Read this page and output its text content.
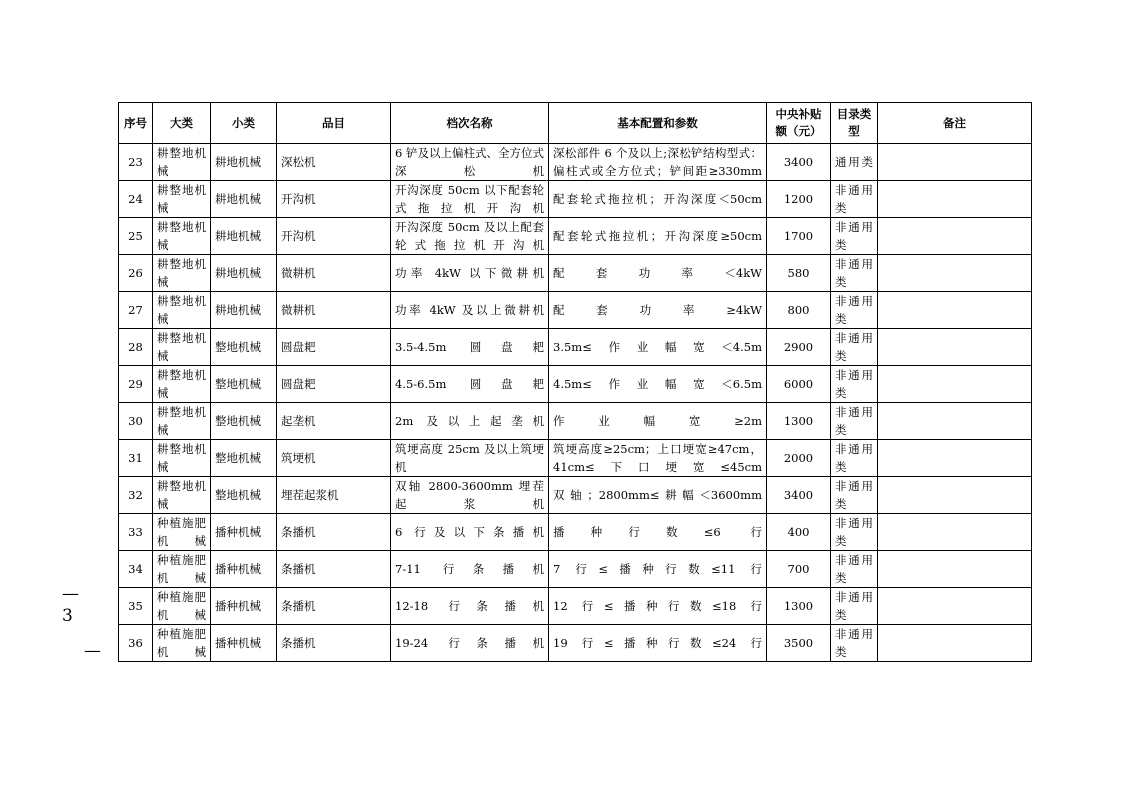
序号	大类	小类	品目	档次名称	基本配置和参数	中央补贴额（元）	目录类型	备注
23	耕整地机械	耕地机械	深松机	6 铲及以上偏柱式、全方位式深松机	深松部件 6 个及以上;深松铲结构型式：偏柱式或全方位式；铲间距≥330mm	3400	通用类	
24	耕整地机械	耕地机械	开沟机	开沟深度 50cm 以下配套轮式拖拉机开沟机	配套轮式拖拉机；开沟深度＜50cm	1200	非通用类	
25	耕整地机械	耕地机械	开沟机	开沟深度 50cm 及以上配套轮式拖拉机开沟机	配套轮式拖拉机；开沟深度≥50cm	1700	非通用类	
26	耕整地机械	耕地机械	微耕机	功率 4kW 以下微耕机	配套功率＜4kW	580	非通用类	
27	耕整地机械	耕地机械	微耕机	功率 4kW 及以上微耕机	配套功率≥4kW	800	非通用类	
28	耕整地机械	整地机械	圆盘耙	3.5-4.5m 圆盘耙	3.5m≤作业幅宽＜4.5m	2900	非通用类	
29	耕整地机械	整地机械	圆盘耙	4.5-6.5m 圆盘耙	4.5m≤作业幅宽＜6.5m	6000	非通用类	
30	耕整地机械	整地机械	起垄机	2m 及以上起垄机	作业幅宽≥2m	1300	非通用类	
31	耕整地机械	整地机械	筑埂机	筑埂高度 25cm 及以上筑埂机	筑埂高度≥25cm；上口埂宽≥47cm，41cm≤下口埂宽≤45cm	2000	非通用类	
32	耕整地机械	整地机械	埋茬起浆机	双轴 2800-3600mm 埋茬起浆机	双轴；2800mm≤耕幅＜3600mm	3400	非通用类	
33	种植施肥机械	播种机械	条播机	6 行及以下条播机	播种行数≤6 行	400	非通用类	
34	种植施肥机械	播种机械	条播机	7-11 行条播机	7 行≤播种行数≤11 行	700	非通用类	
35	种植施肥机械	播种机械	条播机	12-18 行条播机	12 行≤播种行数≤18 行	1300	非通用类	
36	种植施肥机械	播种机械	条播机	19-24 行条播机	19 行≤播种行数≤24 行	3500	非通用类	
— 3
—
